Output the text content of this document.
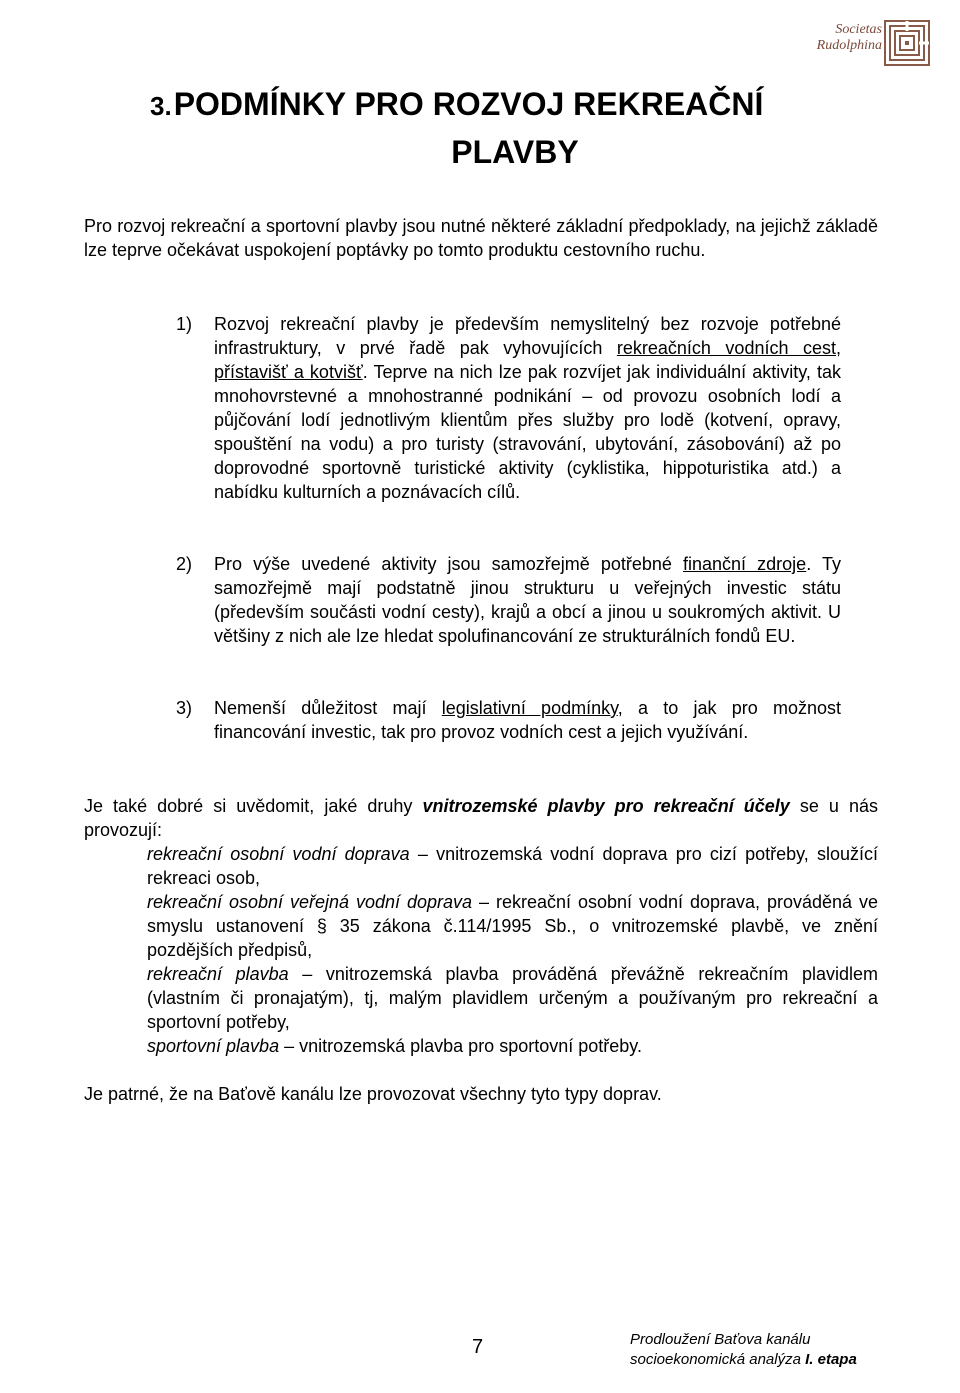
Societas
Rudolphina
3.PODMÍNKY PRO ROZVOJ REKREAČNÍ
PLAVBY

Pro rozvoj rekreační a sportovní plavby jsou nutné některé základní předpoklady, na jejichž základě lze teprve očekávat uspokojení poptávky po tomto produktu cestovního ruchu.

1)	Rozvoj rekreační plavby je především nemyslitelný bez rozvoje potřebné infrastruktury, v prvé řadě pak vyhovujících rekreačních vodních cest, přístavišť a kotvišť. Teprve na nich lze pak rozvíjet jak individuální aktivity, tak mnohovrstevné a mnohostranné podnikání – od provozu osobních lodí a půjčování lodí jednotlivým klientům přes služby pro lodě (kotvení, opravy, spouštění na vodu) a pro turisty (stravování, ubytování, zásobování) až po doprovodné sportovně turistické aktivity (cyklistika, hippoturistika atd.) a nabídku kulturních a poznávacích cílů.
2)	Pro výše uvedené aktivity jsou samozřejmě potřebné finanční zdroje. Ty samozřejmě mají podstatně jinou strukturu u veřejných investic státu (především součásti vodní cesty), krajů a obcí a jinou u soukromých aktivit. U většiny z nich ale lze hledat spolufinancování ze strukturálních fondů EU.
3)	Nemenší důležitost mají legislativní podmínky, a to jak pro možnost financování investic, tak pro provoz vodních cest a jejich využívání.

Je také dobré si uvědomit, jaké druhy vnitrozemské plavby pro rekreační účely se u nás provozují:

rekreační osobní vodní doprava – vnitrozemská vodní doprava pro cizí potřeby, sloužící rekreaci osob,
rekreační osobní veřejná vodní doprava – rekreační osobní vodní doprava, prováděná ve smyslu ustanovení § 35 zákona č.114/1995 Sb., o vnitrozemské plavbě, ve znění pozdějších předpisů,
rekreační plavba – vnitrozemská plavba prováděná převážně rekreačním plavidlem (vlastním či pronajatým), tj, malým plavidlem určeným a používaným pro rekreační a sportovní potřeby,
sportovní plavba – vnitrozemská plavba pro sportovní potřeby.

Je patrné, že na Baťově kanálu lze provozovat všechny tyto typy doprav.

7	Prodloužení Baťova kanálu
socioekonomická analýza I. etapa
